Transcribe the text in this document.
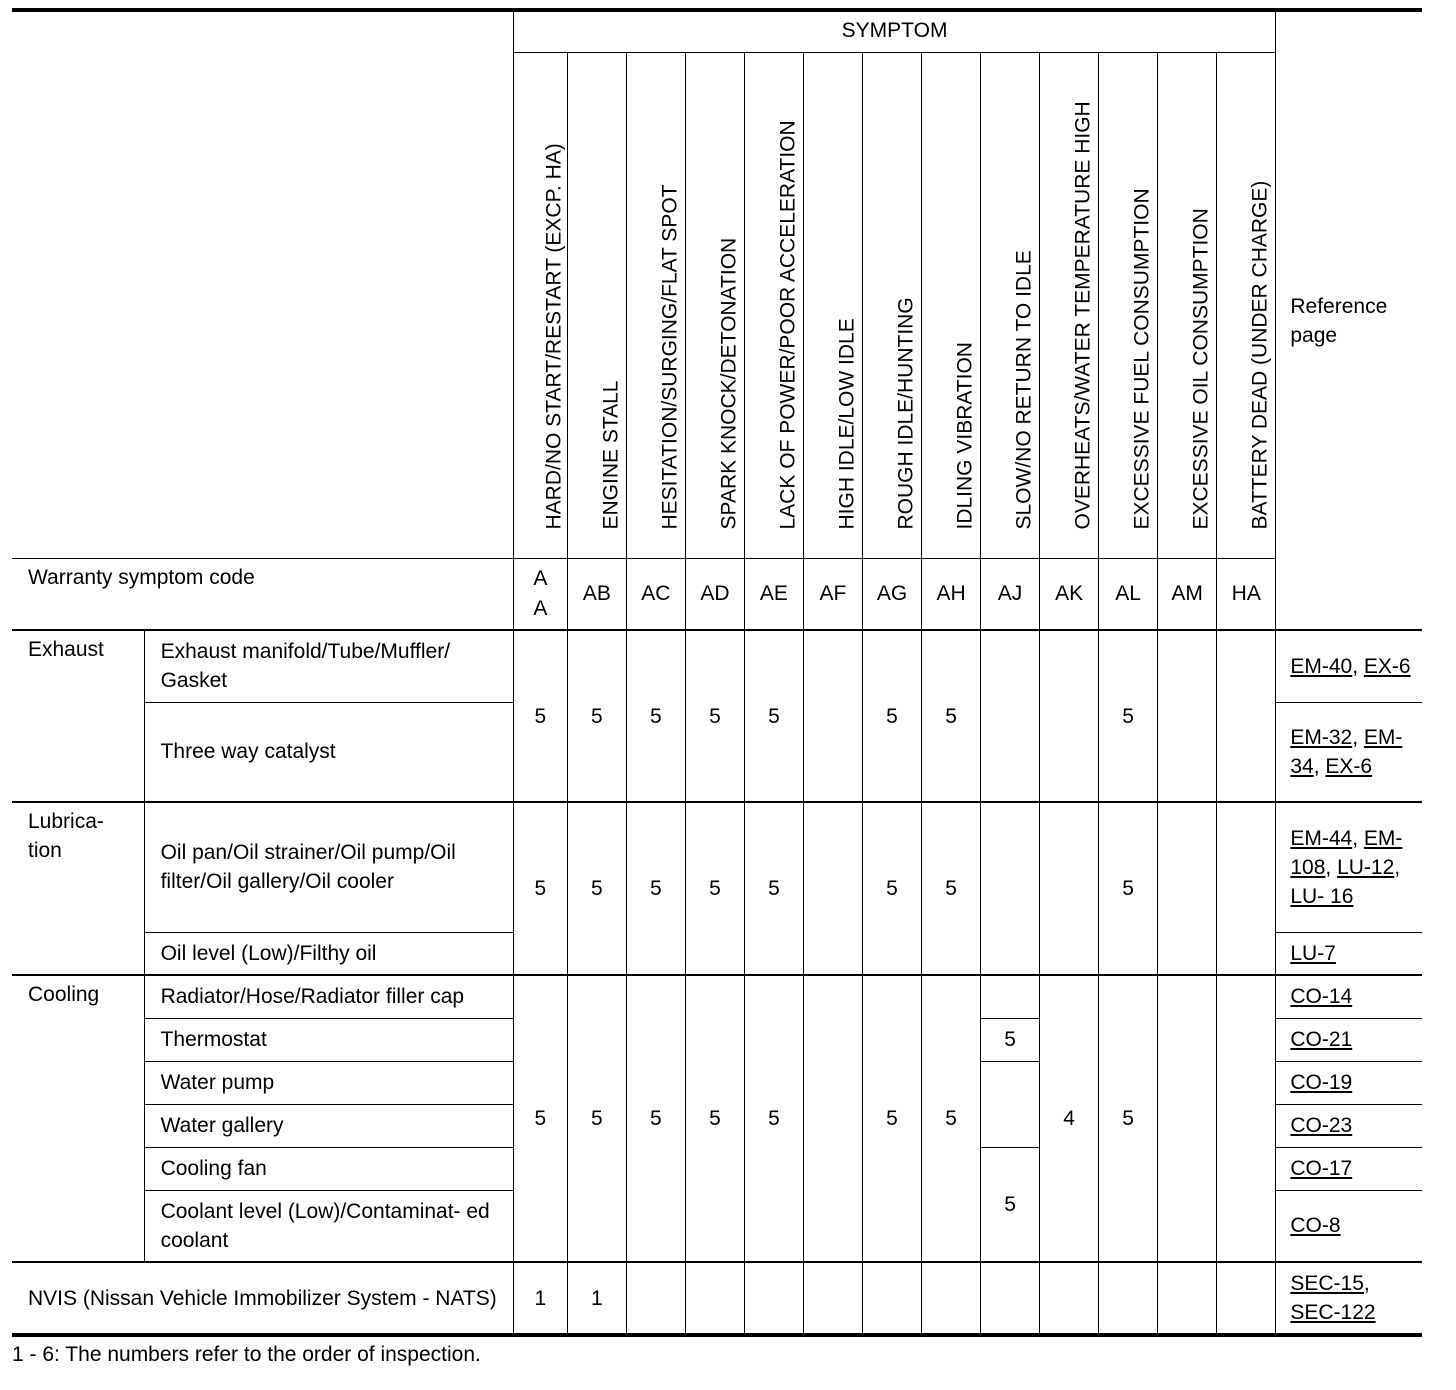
		SYMPTOM													Reference page

		HARD/NO START/RESTART (EXCP. HA)	ENGINE STALL	HESITATION/SURGING/FLAT SPOT	SPARK KNOCK/DETONATION	LACK OF POWER/POOR ACCELERATION	HIGH IDLE/LOW IDLE	ROUGH IDLE/HUNTING	IDLING VIBRATION	SLOW/NO RETURN TO IDLE	OVERHEATS/WATER TEMPERATURE HIGH	EXCESSIVE FUEL CONSUMPTION	EXCESSIVE OIL CONSUMPTION	BATTERY DEAD (UNDER CHARGE)	

Warranty symptom code		A A	AB	AC	AD	AE	AF	AG	AH	AJ	AK	AL	AM	HA	
Exhaust	Exhaust manifold/Tube/Muffler/ Gasket	5	5	5	5	5		5	5			5			EM-40, EX-6
	Three way catalyst														EM-32, EM-34, EX-6

Lubrica- tion	Oil pan/Oil strainer/Oil pump/Oil filter/Oil gallery/Oil cooler	5	5	5	5	5		5	5			5			EM-44, EM-108, LU-12, LU- 16
	Oil level (Low)/Filthy oil														LU-7
Cooling	Radiator/Hose/Radiator filler cap	5	5	5	5	5		5	5		4	5			CO-14
	Thermostat									5					CO-21
	Water pump														CO-19
	Water gallery														CO-23
	Cooling fan									5					CO-17
	Coolant level (Low)/Contaminat- ed coolant														CO-8
NVIS (Nissan Vehicle Immobilizer System - NATS)		1	1												SEC-15, SEC-122
1 - 6: The numbers refer to the order of inspection.
